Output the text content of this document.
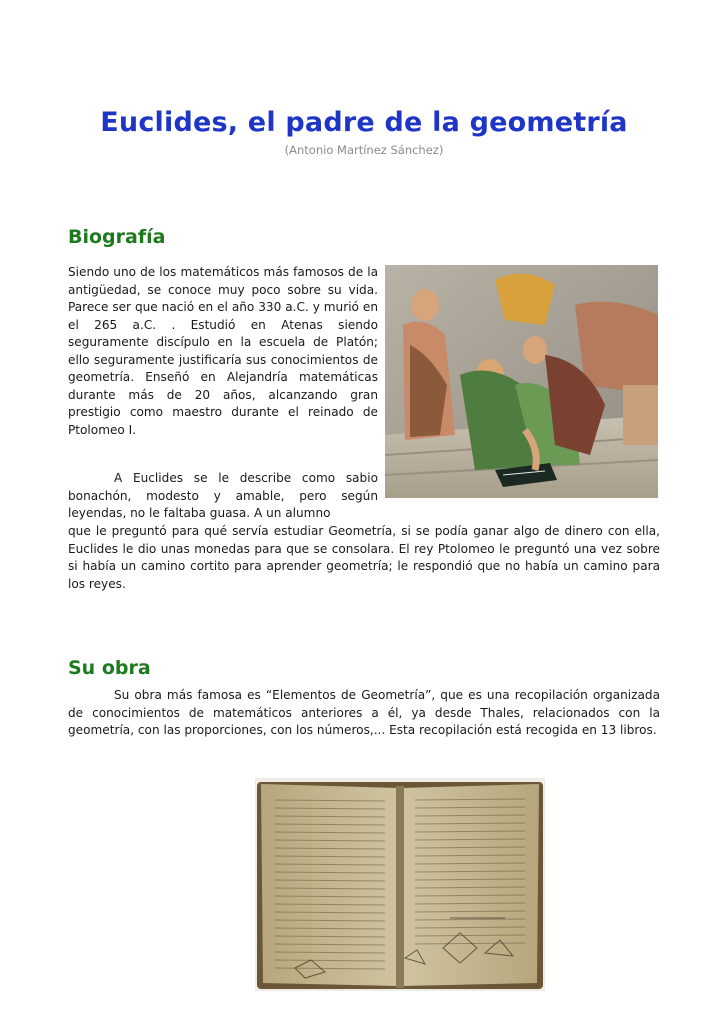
Euclides, el padre de la geometría
(Antonio Martínez Sánchez)
Biografía

Siendo uno de los matemáticos más famosos de la antigüedad, se conoce muy poco sobre su vida. Parece ser que nació en el año 330 a.C. y murió en el 265 a.C. . Estudió en Atenas siendo seguramente discípulo en la escuela de Platón; ello seguramente justificaría sus conocimientos de geometría. Enseñó en Alejandría matemáticas durante más de 20 años, alcanzando gran prestigio como maestro durante el reinado de Ptolomeo I.

A Euclides se le describe como sabio bonachón, modesto y amable, pero según leyendas, no le faltaba guasa. A un alumno

que le preguntó para qué servía estudiar Geometría, si se podía ganar algo de dinero con ella, Euclides le dio unas monedas para que se consolara. El rey Ptolomeo le preguntó una vez sobre si había un camino cortito para aprender geometría; le respondió que no había un camino para los reyes.

Su obra

Su obra más famosa es “Elementos de Geometría”, que es una recopilación organizada de conocimientos de matemáticos anteriores a él, ya desde Thales, relacionados con la geometría, con las proporciones, con los números,... Esta recopilación está recogida en 13 libros.
